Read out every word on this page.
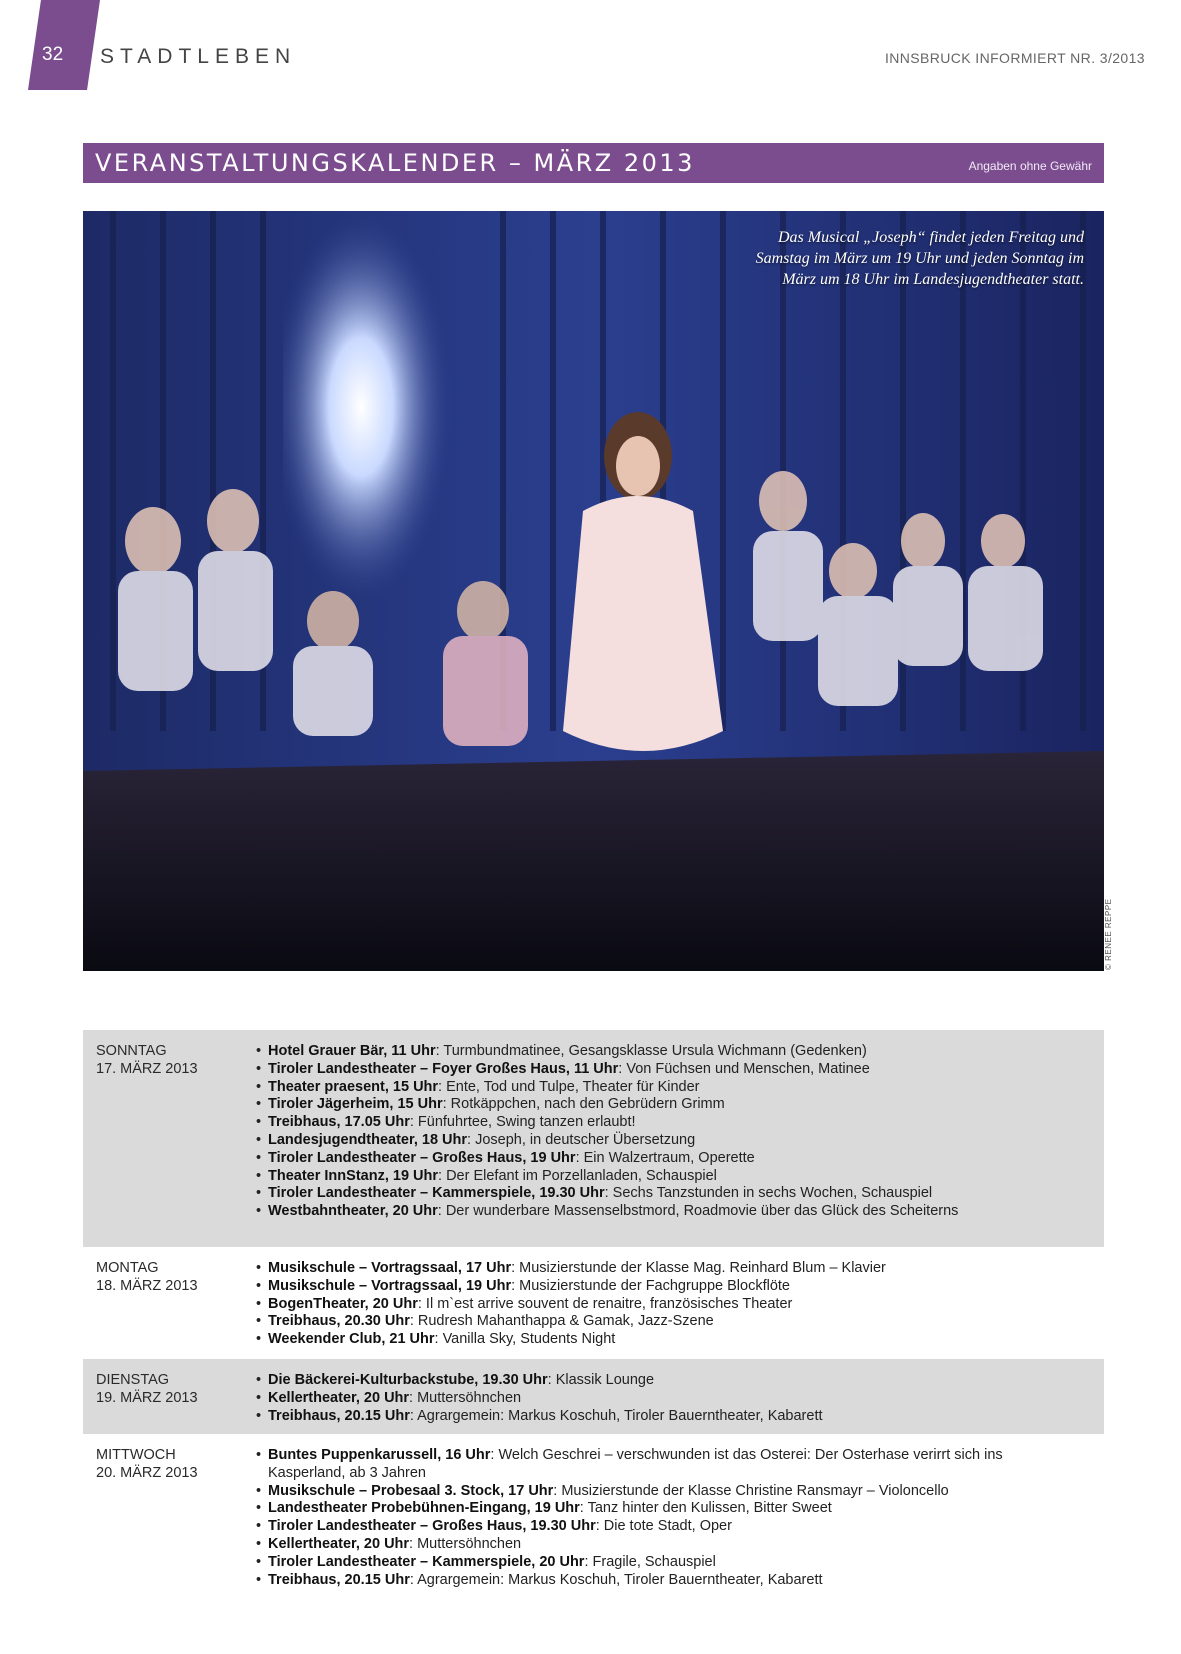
32 STADTLEBEN	INNSBRUCK INFORMIERT NR. 3/2013
VERANSTALTUNGSKALENDER – MÄRZ 2013	Angaben ohne Gewähr
Das Musical „Joseph“ findet jeden Freitag und Samstag im März um 19 Uhr und jeden Sonntag im März um 18 Uhr im Landesjugendtheater statt.
© RENEE REPPE
SONNTAG
17. MÄRZ 2013
• Hotel Grauer Bär, 11 Uhr: Turmbundmatinee, Gesangsklasse Ursula Wichmann (Gedenken)
• Tiroler Landestheater – Foyer Großes Haus, 11 Uhr: Von Füchsen und Menschen, Matinee
• Theater praesent, 15 Uhr: Ente, Tod und Tulpe, Theater für Kinder
• Tiroler Jägerheim, 15 Uhr: Rotkäppchen, nach den Gebrüdern Grimm
• Treibhaus, 17.05 Uhr: Fünfuhrtee, Swing tanzen erlaubt!
• Landesjugendtheater, 18 Uhr: Joseph, in deutscher Übersetzung
• Tiroler Landestheater – Großes Haus, 19 Uhr: Ein Walzertraum, Operette
• Theater InnStanz, 19 Uhr: Der Elefant im Porzellanladen, Schauspiel
• Tiroler Landestheater – Kammerspiele, 19.30 Uhr: Sechs Tanzstunden in sechs Wochen, Schauspiel
• Westbahntheater, 20 Uhr: Der wunderbare Massenselbstmord, Roadmovie über das Glück des Scheiterns
MONTAG
18. MÄRZ 2013
• Musikschule – Vortragssaal, 17 Uhr: Musizierstunde der Klasse Mag. Reinhard Blum – Klavier
• Musikschule – Vortragssaal, 19 Uhr: Musizierstunde der Fachgruppe Blockflöte
• BogenTheater, 20 Uhr: Il m`est arrive souvent de renaitre, französisches Theater
• Treibhaus, 20.30 Uhr: Rudresh Mahanthappa & Gamak, Jazz-Szene
• Weekender Club, 21 Uhr: Vanilla Sky, Students Night
DIENSTAG
19. MÄRZ 2013
• Die Bäckerei-Kulturbackstube, 19.30 Uhr: Klassik Lounge
• Kellertheater, 20 Uhr: Muttersöhnchen
• Treibhaus, 20.15 Uhr: Agrargemein: Markus Koschuh, Tiroler Bauerntheater, Kabarett
MITTWOCH
20. MÄRZ 2013
• Buntes Puppenkarussell, 16 Uhr: Welch Geschrei – verschwunden ist das Osterei: Der Osterhase verirrt sich ins Kasperland, ab 3 Jahren
• Musikschule – Probesaal 3. Stock, 17 Uhr: Musizierstunde der Klasse Christine Ransmayr – Violoncello
• Landestheater Probebühnen-Eingang, 19 Uhr: Tanz hinter den Kulissen, Bitter Sweet
• Tiroler Landestheater – Großes Haus, 19.30 Uhr: Die tote Stadt, Oper
• Kellertheater, 20 Uhr: Muttersöhnchen
• Tiroler Landestheater – Kammerspiele, 20 Uhr: Fragile, Schauspiel
• Treibhaus, 20.15 Uhr: Agrargemein: Markus Koschuh, Tiroler Bauerntheater, Kabarett
